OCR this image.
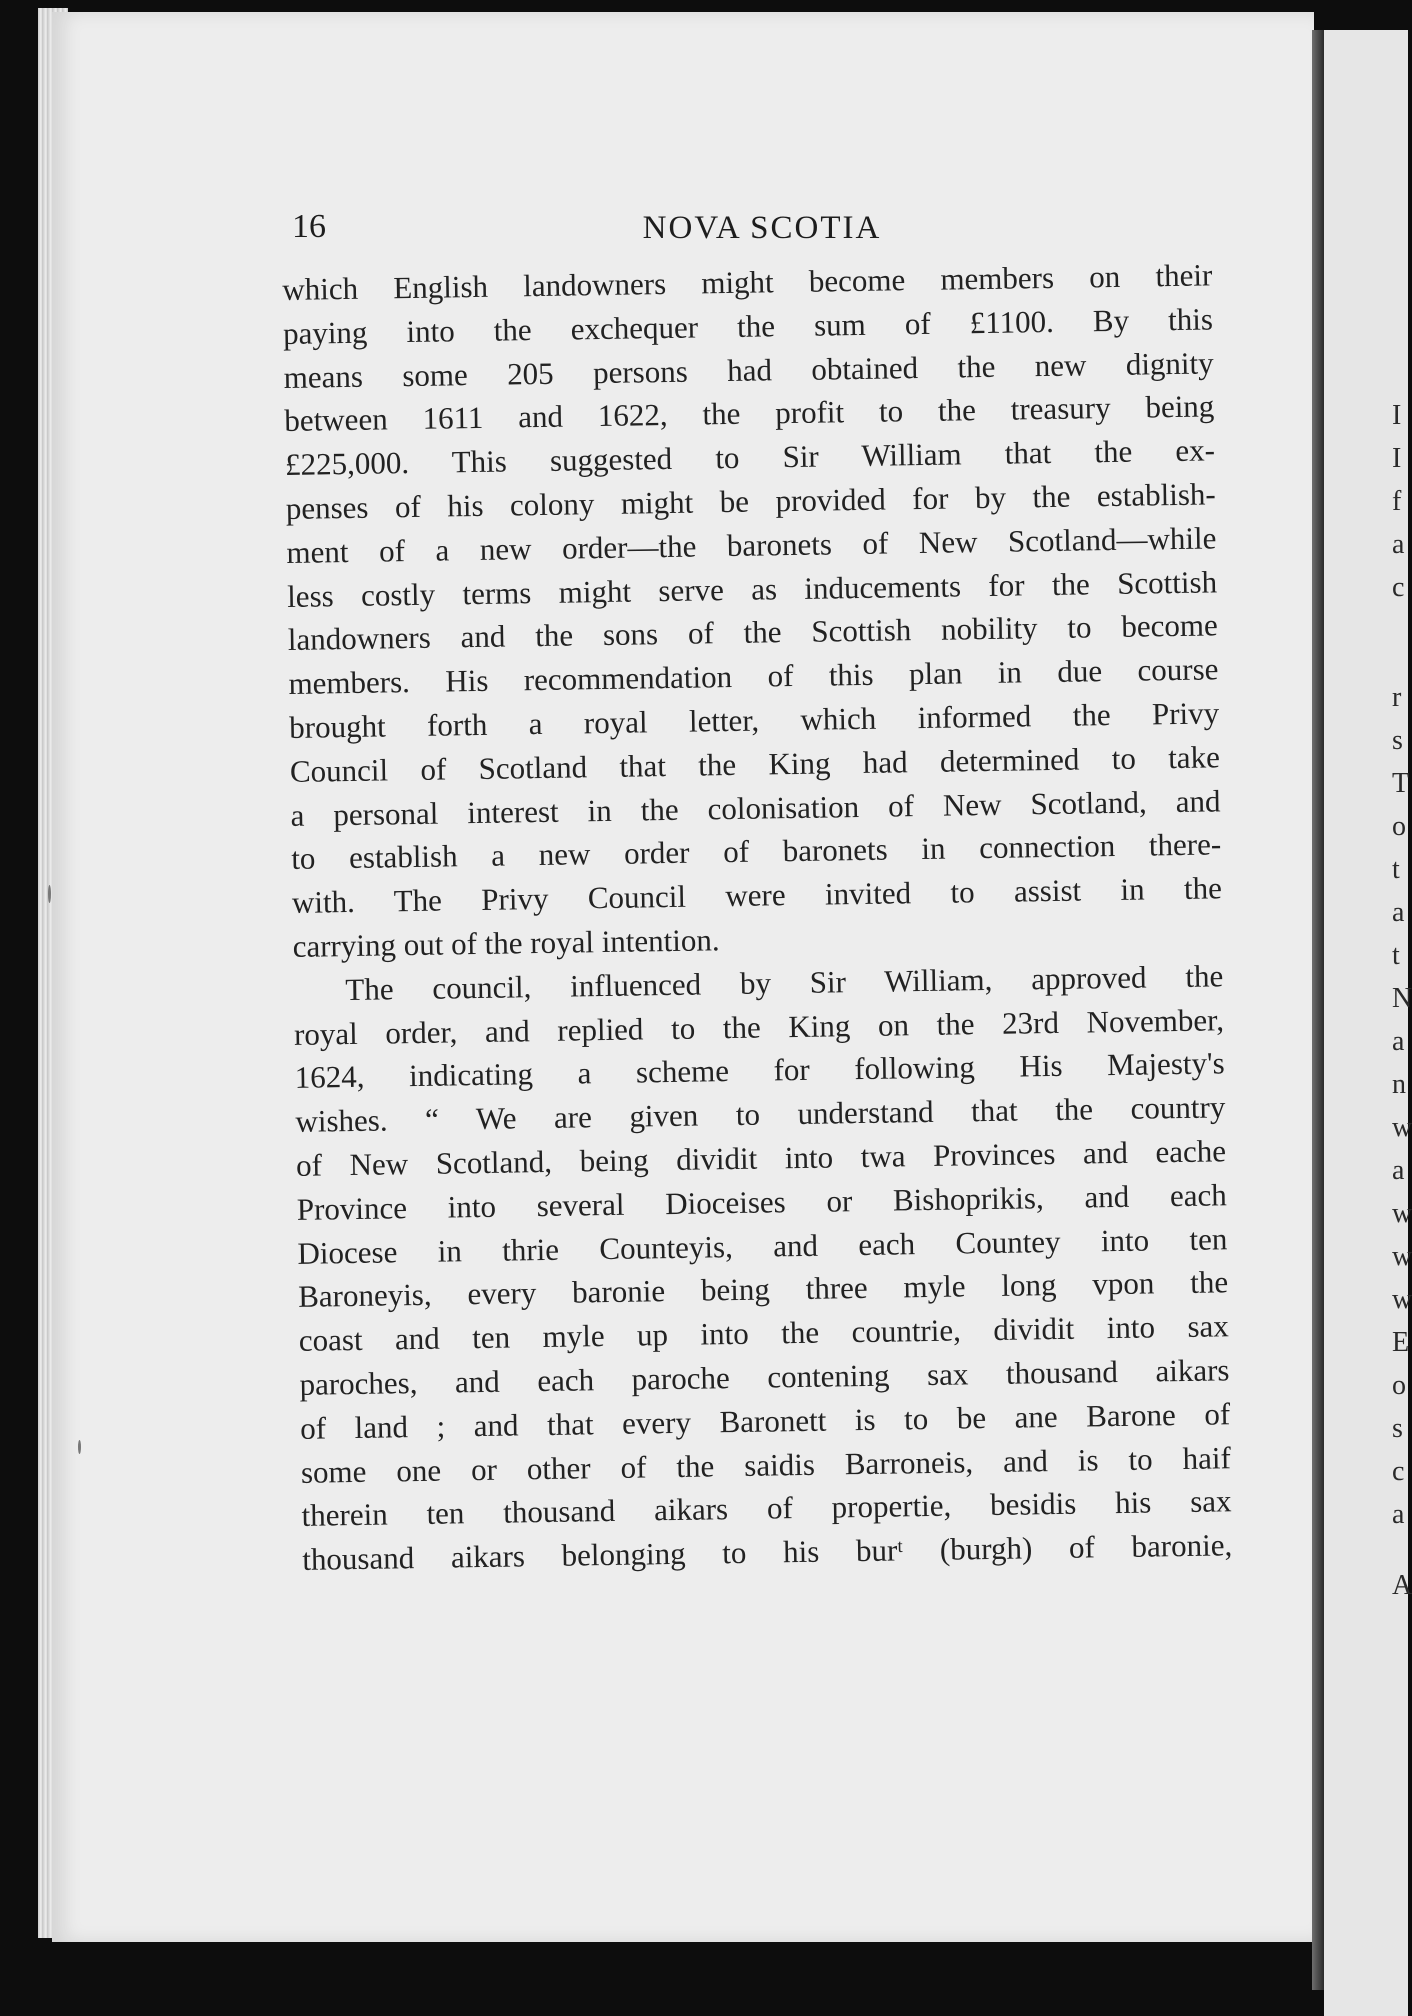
16	NOVA SCOTIA
which English landowners might become members on their
paying into the exchequer the sum of £1100. By this
means some 205 persons had obtained the new dignity
between 1611 and 1622, the profit to the treasury being
£225,000. This suggested to Sir William that the ex-
penses of his colony might be provided for by the establish-
ment of a new order—the baronets of New Scotland—while
less costly terms might serve as inducements for the Scottish
landowners and the sons of the Scottish nobility to become
members. His recommendation of this plan in due course
brought forth a royal letter, which informed the Privy
Council of Scotland that the King had determined to take
a personal interest in the colonisation of New Scotland, and
to establish a new order of baronets in connection there-
with. The Privy Council were invited to assist in the
carrying out of the royal intention.
The council, influenced by Sir William, approved the
royal order, and replied to the King on the 23rd November,
1624, indicating a scheme for following His Majesty's
wishes. “ We are given to understand that the country
of New Scotland, being dividit into twa Provinces and eache
Province into several Dioceises or Bishoprikis, and each
Diocese in thrie Counteyis, and each Countey into ten
Baroneyis, every baronie being three myle long vpon the
coast and ten myle up into the countrie, dividit into sax
paroches, and each paroche contening sax thousand aikars
of land ; and that every Baronett is to be ane Barone of
some one or other of the saidis Barroneis, and is to haif
therein ten thousand aikars of propertie, besidis his sax
thousand aikars belonging to his burᵗ (burgh) of baronie,
I
I
f
a
c
r
s
T
o
t
a
t
N
a
n
w
a
w
w
w
E
o
s
c
a
A
